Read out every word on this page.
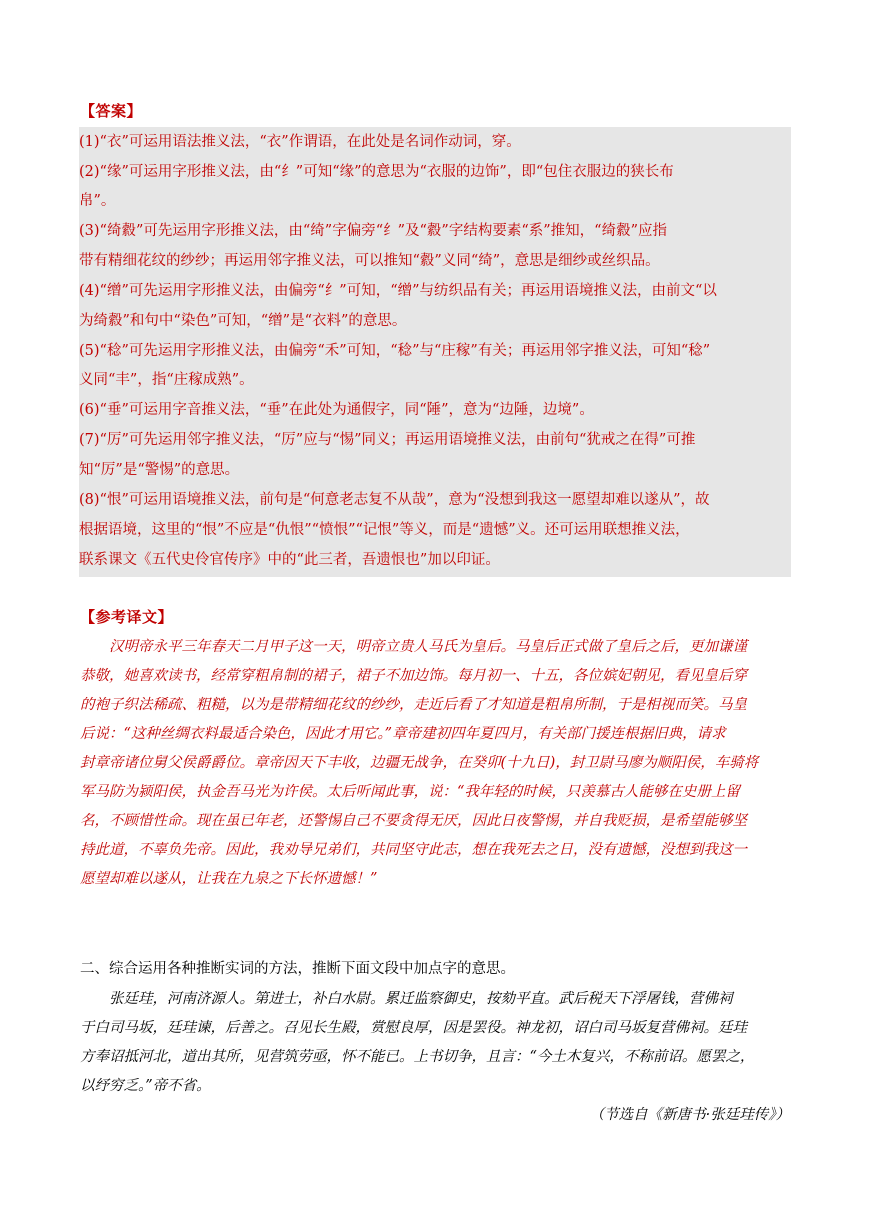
【答案】
(1)“衣”可运用语法推义法，“衣”作谓语，在此处是名词作动词，穿。
(2)“缘”可运用字形推义法，由“纟”可知“缘”的意思为“衣服的边饰”，即“包住衣服边的狭长布
帛”。
(3)“绮縠”可先运用字形推义法，由“绮”字偏旁“纟”及“縠”字结构要素“系”推知，“绮縠”应指
带有精细花纹的纱纱；再运用邻字推义法，可以推知“縠”义同“绮”，意思是细纱或丝织品。
(4)“缯”可先运用字形推义法，由偏旁“纟”可知，“缯”与纺织品有关；再运用语境推义法，由前文“以
为绮縠”和句中“染色”可知，“缯”是“衣料”的意思。
(5)“稔”可先运用字形推义法，由偏旁“禾”可知，“稔”与“庄稼”有关；再运用邻字推义法，可知“稔”
义同“丰”，指“庄稼成熟”。
(6)“垂”可运用字音推义法，“垂”在此处为通假字，同“陲”，意为“边陲，边境”。
(7)“厉”可先运用邻字推义法，“厉”应与“惕”同义；再运用语境推义法，由前句“犹戒之在得”可推
知“厉”是“警惕”的意思。
(8)“恨”可运用语境推义法，前句是“何意老志复不从哉”，意为“没想到我这一愿望却难以遂从”，故
根据语境，这里的“恨”不应是“仇恨”“愤恨”“记恨”等义，而是“遗憾”义。还可运用联想推义法，
联系课文《五代史伶官传序》中的“此三者，吾遗恨也”加以印证。
【参考译文】
　　汉明帝永平三年春天二月甲子这一天，明帝立贵人马氏为皇后。马皇后正式做了皇后之后，更加谦谨
恭敬，她喜欢读书，经常穿粗帛制的裙子，裙子不加边饰。每月初一、十五，各位嫔妃朝见，看见皇后穿
的袍子织法稀疏、粗糙，以为是带精细花纹的纱纱，走近后看了才知道是粗帛所制，于是相视而笑。马皇
后说：“这种丝绸衣料最适合染色，因此才用它。”章帝建初四年夏四月，有关部门援连根据旧典，请求
封章帝诸位舅父侯爵爵位。章帝因天下丰收，边疆无战争，在癸卯(十九日)，封卫尉马廖为顺阳侯，车骑将
军马防为颍阳侯，执金吾马光为许侯。太后听闻此事，说：“我年轻的时候，只羡慕古人能够在史册上留
名，不顾惜性命。现在虽已年老，还警惕自己不要贪得无厌，因此日夜警惕，并自我贬损，是希望能够坚
持此道，不辜负先帝。因此，我劝导兄弟们，共同坚守此志，想在我死去之日，没有遗憾，没想到我这一
愿望却难以遂从，让我在九泉之下长怀遗憾！”
二、综合运用各种推断实词的方法，推断下面文段中加点字的意思。
　　张廷珪，河南济源人。第进士，补白水尉。累迁监察御史，按劾平直。武后税天下浮屠钱，营佛祠
于白司马坂，廷珪谏，后善之。召见长生殿，赏慰良厚，因是罢役。神龙初，诏白司马坂复营佛祠。廷珪
方奉诏抵河北，道出其所，见营筑劳亟，怀不能已。上书切争，且言：“今土木复兴，不称前诏。愿罢之，
以纾穷乏。”帝不省。
（节选自《新唐书·张廷珪传》）
